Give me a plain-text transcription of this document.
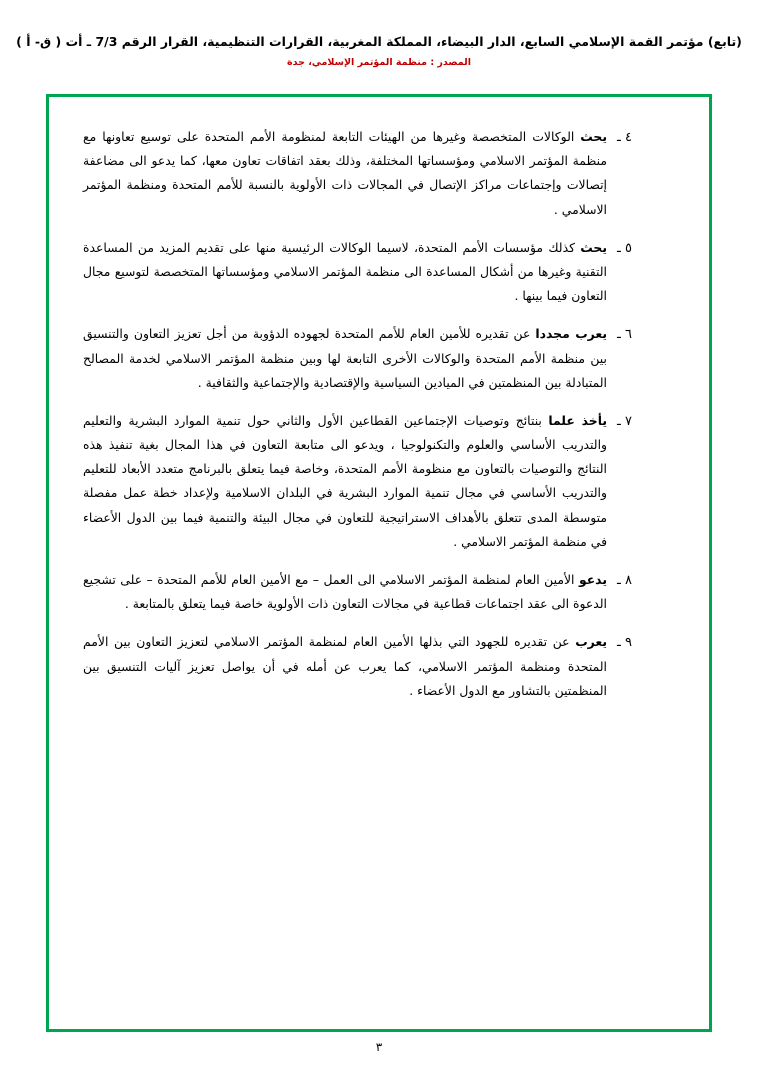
(تابع) مؤتمر القمة الإسلامي السابع، الدار البيضاء، المملكة المغربية، القرارات التنظيمية، القرار الرقم 7/3 ـ أت ( ق- أ )
المصدر : منظمة المؤتمر الإسلامي، جدة
٤ ـ
يحث الوكالات المتخصصة وغيرها من الهيئات التابعة لمنظومة الأمم المتحدة على توسيع تعاونها مع منظمة المؤتمر الاسلامي ومؤسساتها المختلفة، وذلك بعقد اتفاقات تعاون معها، كما يدعو الى مضاعفة إتصالات وإجتماعات مراكز الإتصال في المجالات ذات الأولوية بالنسبة للأمم المتحدة ومنظمة المؤتمر الاسلامي .
٥ ـ
يحث كذلك مؤسسات الأمم المتحدة، لاسيما الوكالات الرئيسية منها على تقديم المزيد من المساعدة التقنية وغيرها من أشكال المساعدة الى منظمة المؤتمر الاسلامي ومؤسساتها المتخصصة لتوسيع مجال التعاون فيما بينها .
٦ ـ
يعرب مجددا عن تقديره للأمين العام للأمم المتحدة لجهوده الدؤوبة من أجل تعزيز التعاون والتنسيق بين منظمة الأمم المتحدة والوكالات الأخرى التابعة لها وبين منظمة المؤتمر الاسلامي لخدمة المصالح المتبادلة بين المنظمتين في الميادين السياسية والإقتصادية والإجتماعية والثقافية .
٧ ـ
يأخذ علما بنتائج وتوصيات الإجتماعين القطاعين الأول والثاني حول تنمية الموارد البشرية والتعليم والتدريب الأساسي والعلوم والتكنولوجيا ، ويدعو الى متابعة التعاون في هذا المجال بغية تنفيذ هذه النتائج والتوصيات بالتعاون مع منظومة الأمم المتحدة، وخاصة فيما يتعلق بالبرنامج متعدد الأبعاد للتعليم والتدريب الأساسي في مجال تنمية الموارد البشرية في البلدان الاسلامية ولإعداد خطة عمل مفصلة متوسطة المدى تتعلق بالأهداف الاستراتيجية للتعاون في مجال البيئة والتنمية فيما بين الدول الأعضاء في منظمة المؤتمر الاسلامي .
٨ ـ
يدعو الأمين العام لمنظمة المؤتمر الاسلامي الى العمل – مع الأمين العام للأمم المتحدة – على تشجيع الدعوة الى عقد اجتماعات قطاعية في مجالات التعاون ذات الأولوية خاصة فيما يتعلق بالمتابعة .
٩ ـ
يعرب عن تقديره للجهود التي بذلها الأمين العام لمنظمة المؤتمر الاسلامي لتعزيز التعاون بين الأمم المتحدة ومنظمة المؤتمر الاسلامي، كما يعرب عن أمله في أن يواصل تعزيز آليات التنسيق بين المنظمتين بالتشاور مع الدول الأعضاء .
٣
